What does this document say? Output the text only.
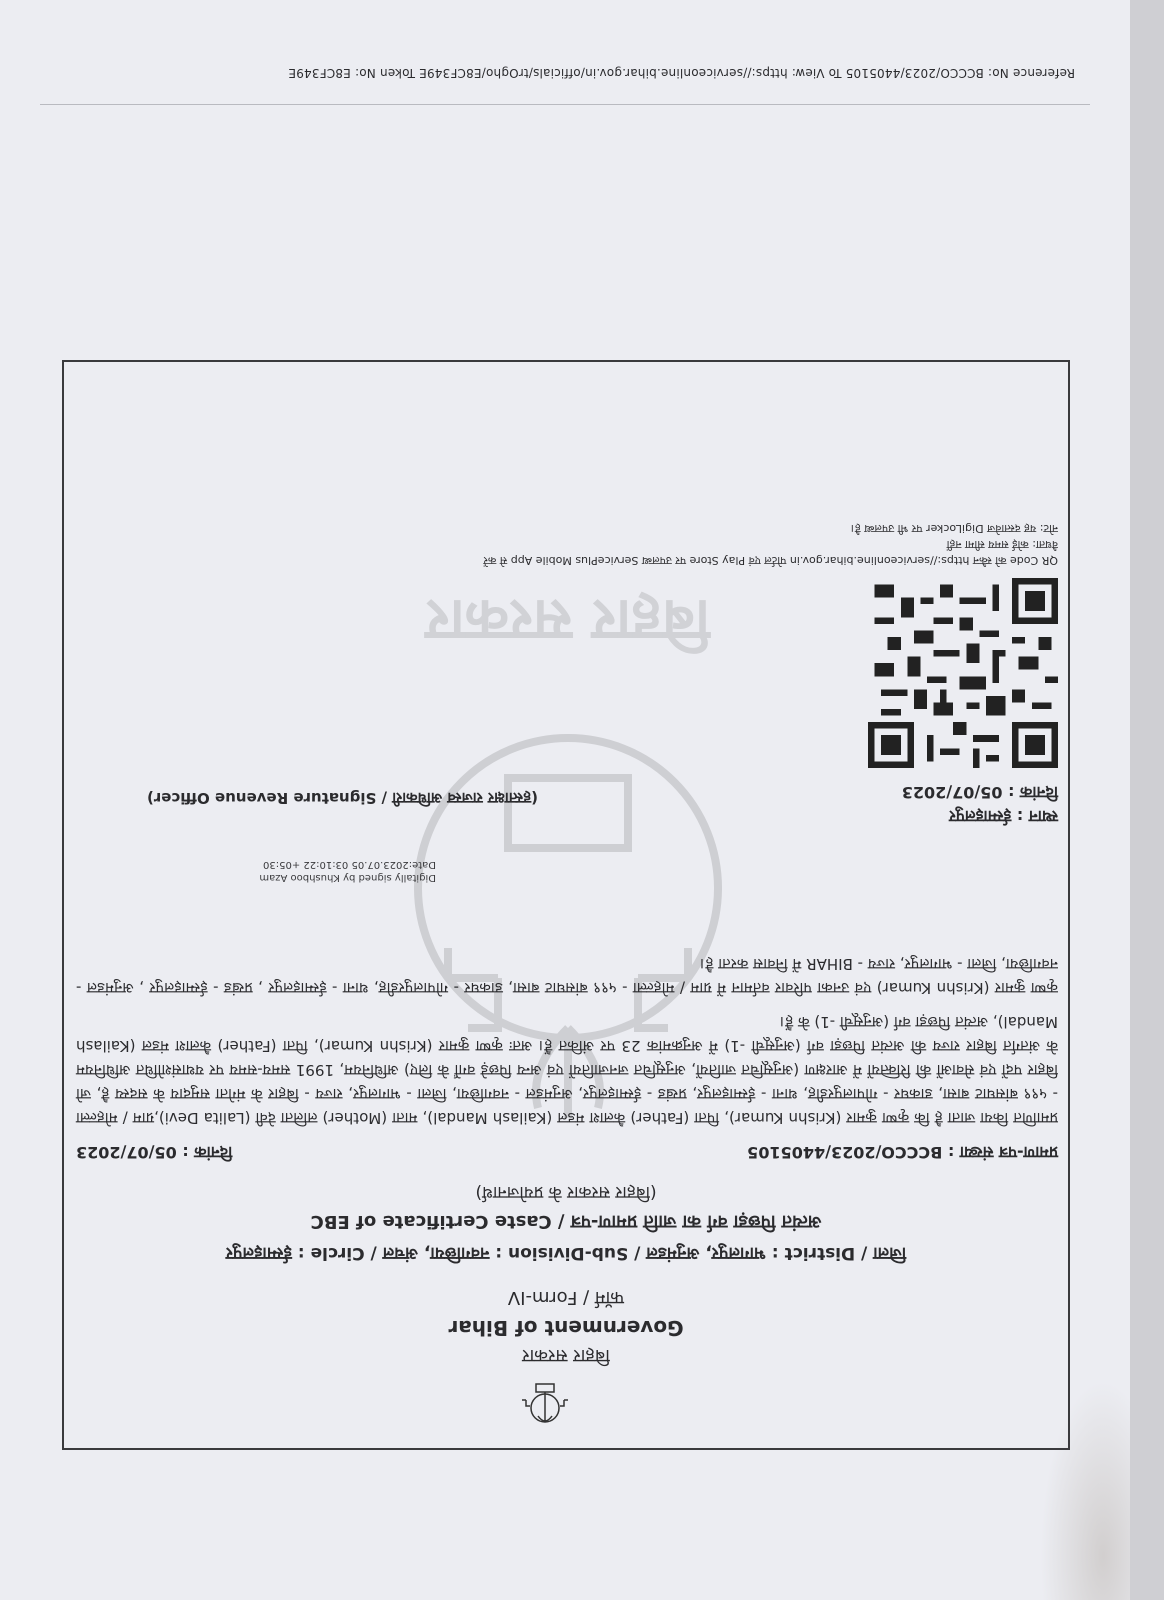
Reference No: BCCCO/2023/4405105 To View: https://serviceonline.bihar.gov.in/officials/trOgho/E8CF349E Token No: E8CF349E
बिहार सरकार
बिहार सरकार
Government of Bihar
फॉर्म / Form-IV
जिला / District : भागलपुर, अनुमंडल / Sub-Division : नवगछिया, अंचल / Circle : ईस्माइलपुर
अत्यंत पिछड़ा वर्ग का जाति प्रमाण-पत्र / Caste Certificate of EBC
(बिहार सरकार के प्रयोजनार्थ)
प्रमाण-पत्र संख्या : BCCCO/2023/4405105
दिनांक : 05/07/2023

प्रमाणित किया जाता है कि कृष्ण कुमार (Krishn Kumar), पिता (Father) कैलाश मंडल (Kailash Mandal), माता (Mother) ललिता देवी (Lalita Devi),ग्राम / मोहल्ला - ५९९ बांसघाट बासा, डाकघर - गोपालपुरडीह, थाना - ईस्माइलपुर, प्रखंड - ईस्माइलपुर, अनुमंडल - नवगछिया, जिला - भागलपुर, राज्य - बिहार के मंगेता समुदाय के सदस्य है, जो बिहार पदों एवं सेवाओं की रिक्तियों में आरक्षण (अनुसूचित जातियों, अनुसूचित जनजातियों एवं अन्य पिछड़े वर्गों के लिए) अधिनियम, 1991 समय-समय पर यथासंशोधित अधिनियम के अंतर्गत बिहार राज्य की अत्यंत पिछड़ा वर्ग (अनुसूची -1) में अनुक्रमांक 23 पर अंकित हैं। अतः कृष्ण कुमार (Krishn Kumar), पिता (Father) कैलाश मंडल (Kailash Mandal), अत्यंत पिछड़ा वर्ग (अनुसूची -1) के हैं।

कृष्ण कुमार (Krishn Kumar) एवं उनका परिवार वर्तमान में ग्राम / मोहल्ला - ५९९ बांसघाट बासा, डाकघर - गोपालपुरडीह, थाना - ईस्माइलपुर , प्रखंड - ईस्माइलपुर , अनुमंडल - नवगछिया, जिला - भागलपुर, राज्य - BIHAR में निवास करता है।

Digitally signed by Khushboo Azam
Date:2023.07.05 03:10:22 +05:30
स्थान : ईस्माइलपुर
दिनांक : 05/07/2023
(हस्ताक्षर राजस्व अधिकारी / Signature Revenue Officer)
QR Code को स्कैन https://serviceonline.bihar.gov.in पोर्टल एवं Play Store पर उपलब्ध ServicePlus Mobile App से करें
वैधता: कोई समय सीमा नहीं
नोट: यह दस्तावेज DigiLocker पर भी उपलब्ध है।
